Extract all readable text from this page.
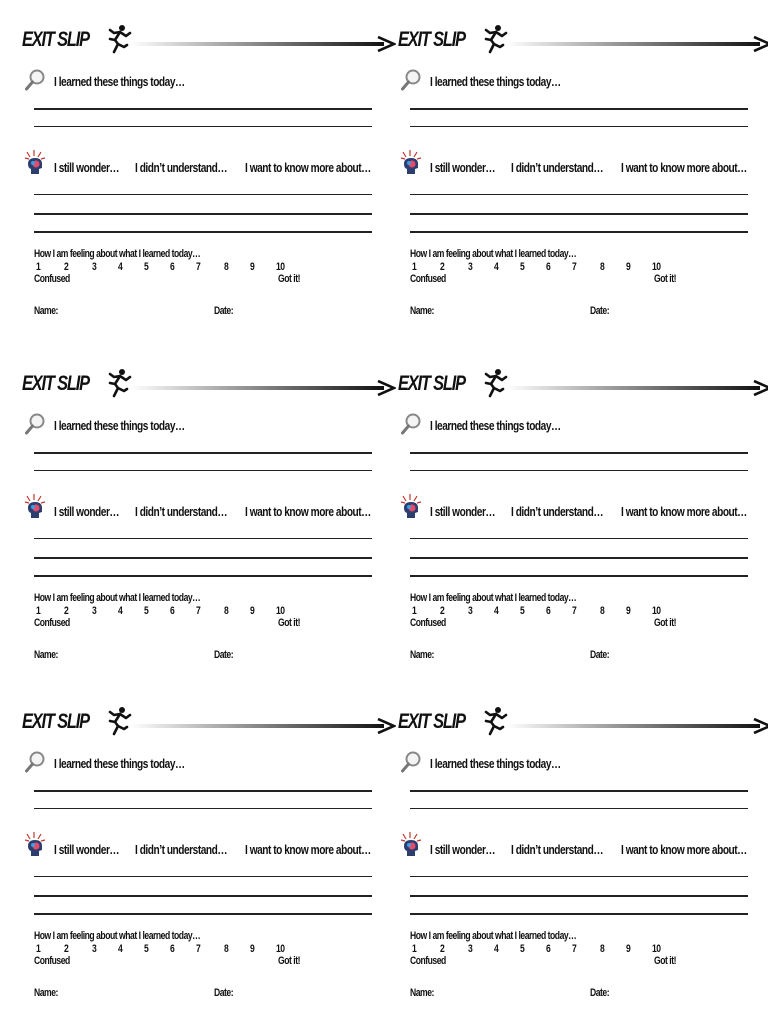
EXIT SLIP
I learned these things today…
I still wonder… I didn’t understand… I want to know more about…
How I am feeling about what I learned today…
1 2 3 4 5 6 7 8 9 10
Confused	Got it!
Name:	Date:
EXIT SLIP
I learned these things today…
I still wonder… I didn’t understand… I want to know more about…
How I am feeling about what I learned today…
1 2 3 4 5 6 7 8 9 10
Confused	Got it!
Name:	Date:
EXIT SLIP
I learned these things today…
I still wonder… I didn’t understand… I want to know more about…
How I am feeling about what I learned today…
1 2 3 4 5 6 7 8 9 10
Confused	Got it!
Name:	Date:
EXIT SLIP
I learned these things today…
I still wonder… I didn’t understand… I want to know more about…
How I am feeling about what I learned today…
1 2 3 4 5 6 7 8 9 10
Confused	Got it!
Name:	Date:
EXIT SLIP
I learned these things today…
I still wonder… I didn’t understand… I want to know more about…
How I am feeling about what I learned today…
1 2 3 4 5 6 7 8 9 10
Confused	Got it!
Name:	Date:
EXIT SLIP
I learned these things today…
I still wonder… I didn’t understand… I want to know more about…
How I am feeling about what I learned today…
1 2 3 4 5 6 7 8 9 10
Confused	Got it!
Name:	Date:
